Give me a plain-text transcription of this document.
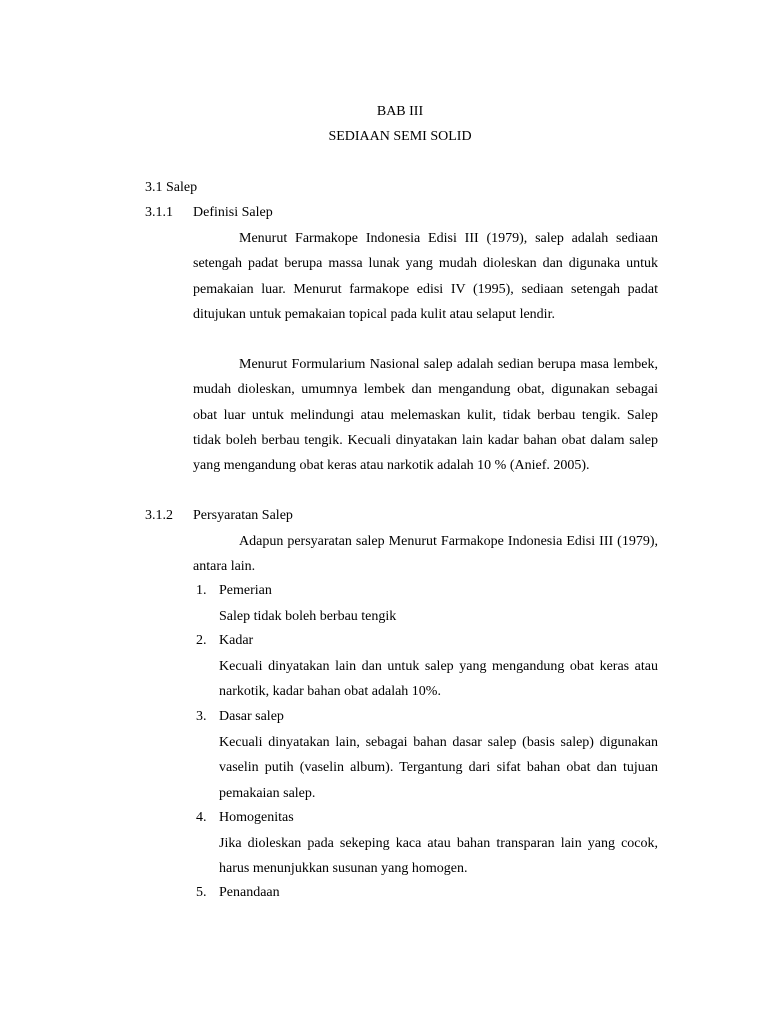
BAB III
SEDIAAN SEMI SOLID
3.1 Salep
3.1.1 Definisi Salep
Menurut Farmakope Indonesia Edisi III (1979), salep adalah sediaan setengah padat berupa massa lunak yang mudah dioleskan dan digunaka untuk pemakaian luar. Menurut farmakope edisi IV (1995), sediaan setengah padat ditujukan untuk pemakaian topical pada kulit atau selaput lendir.
Menurut Formularium Nasional salep adalah sedian berupa masa lembek, mudah dioleskan, umumnya lembek dan mengandung obat, digunakan sebagai obat luar untuk melindungi atau melemaskan kulit, tidak berbau tengik. Salep tidak boleh berbau tengik. Kecuali dinyatakan lain kadar bahan obat dalam salep yang mengandung obat keras atau narkotik adalah 10 % (Anief. 2005).
3.1.2 Persyaratan Salep
Adapun persyaratan salep Menurut Farmakope Indonesia Edisi III (1979), antara lain.
1. Pemerian
Salep tidak boleh berbau tengik
2. Kadar
Kecuali dinyatakan lain dan untuk salep yang mengandung obat keras atau narkotik, kadar bahan obat adalah 10%.
3. Dasar salep
Kecuali dinyatakan lain, sebagai bahan dasar salep (basis salep) digunakan vaselin putih (vaselin album). Tergantung dari sifat bahan obat dan tujuan pemakaian salep.
4. Homogenitas
Jika dioleskan pada sekeping kaca atau bahan transparan lain yang cocok, harus menunjukkan susunan yang homogen.
5. Penandaan
